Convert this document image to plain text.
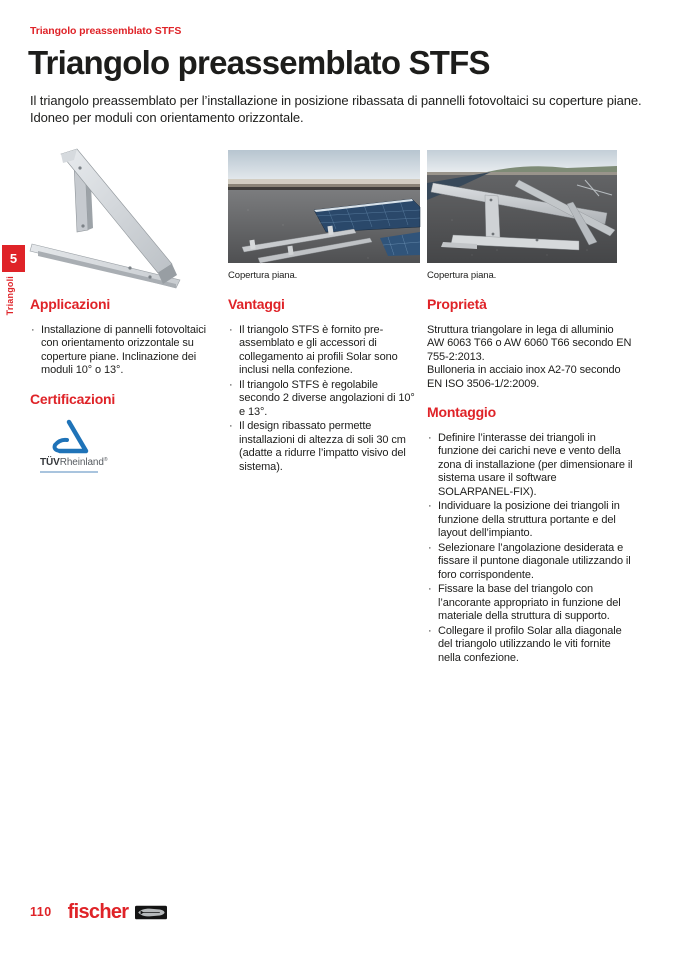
Triangolo preassemblato STFS
Triangolo preassemblato STFS
Il triangolo preassemblato per l’installazione in posizione ribassata di pannelli fotovoltaici su coperture piane.
Idoneo per moduli con orientamento orizzontale.
5
Triangoli
Copertura piana.	Copertura piana.
Applicazioni
· Installazione di pannelli fotovoltaici con orientamento orizzontale su coperture piane. Inclinazione dei moduli 10° o 13°.
Certificazioni
TÜVRheinland®
Vantaggi
· Il triangolo STFS è fornito pre-assemblato e gli accessori di collegamento ai profili Solar sono inclusi nella confezione.
· Il triangolo STFS è regolabile secondo 2 diverse angolazioni di 10° e 13°.
· Il design ribassato permette installazioni di altezza di soli 30 cm (adatte a ridurre l’impatto visivo del sistema).
Proprietà
Struttura triangolare in lega di alluminio
AW 6063 T66 o AW 6060 T66 secondo EN
755-2:2013.
Bulloneria in acciaio inox A2-70 secondo
EN ISO 3506-1/2:2009.
Montaggio
· Definire l’interasse dei triangoli in funzione dei carichi neve e vento della zona di installazione (per dimensionare il sistema usare il software SOLARPANEL-FIX).
· Individuare la posizione dei triangoli in funzione della struttura portante e del layout dell’impianto.
· Selezionare l’angolazione desiderata e fissare il puntone diagonale utilizzando il foro corrispondente.
· Fissare la base del triangolo con l’ancorante appropriato in funzione del materiale della struttura di supporto.
· Collegare il profilo Solar alla diagonale del triangolo utilizzando le viti fornite nella confezione.
110 fischer
